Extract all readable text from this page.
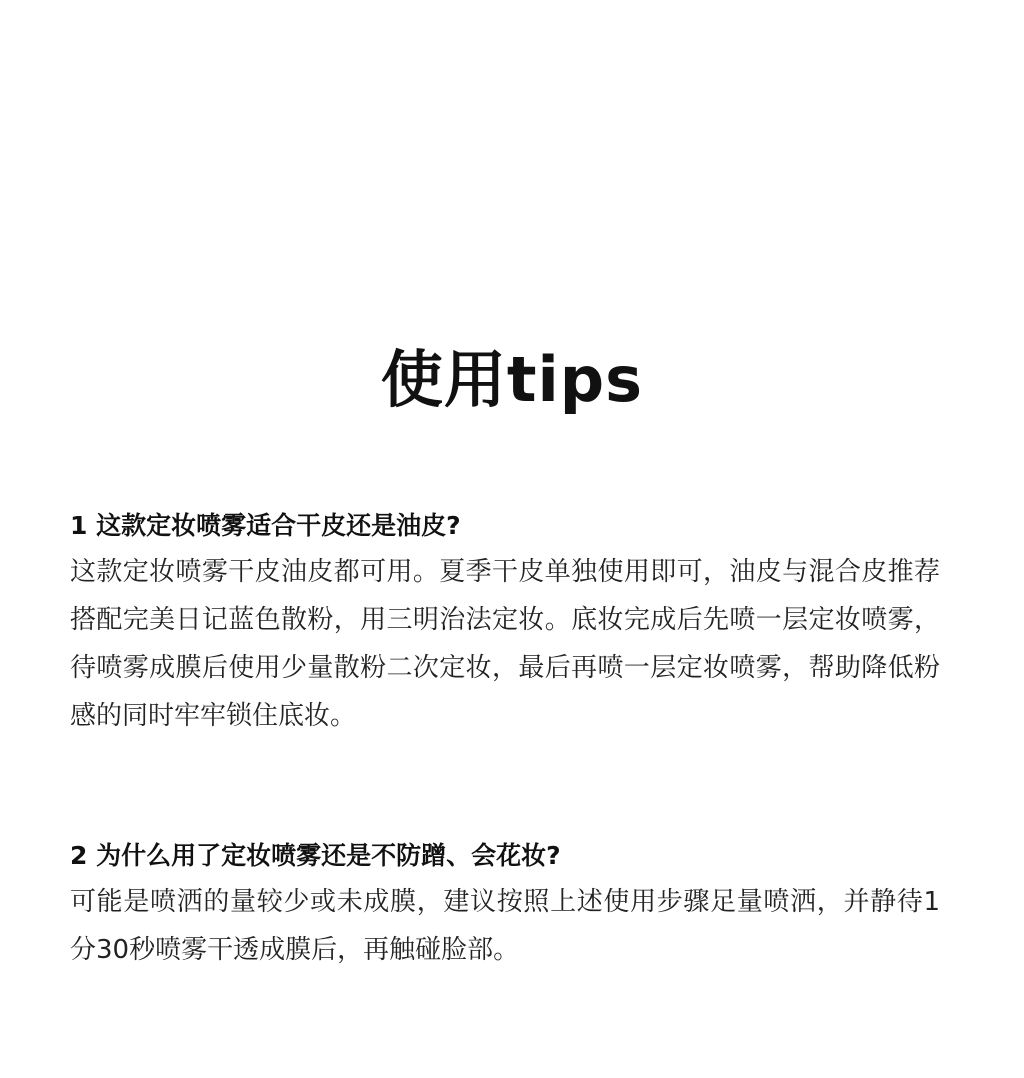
使用tips

1 这款定妆喷雾适合干皮还是油皮?

这款定妆喷雾干皮油皮都可用。夏季干皮单独使用即可，油皮与混合皮推荐搭配完美日记蓝色散粉，用三明治法定妆。底妆完成后先喷一层定妆喷雾，待喷雾成膜后使用少量散粉二次定妆，最后再喷一层定妆喷雾，帮助降低粉感的同时牢牢锁住底妆。

2 为什么用了定妆喷雾还是不防蹭、会花妆?

可能是喷洒的量较少或未成膜，建议按照上述使用步骤足量喷洒，并静待1分30秒喷雾干透成膜后，再触碰脸部。
